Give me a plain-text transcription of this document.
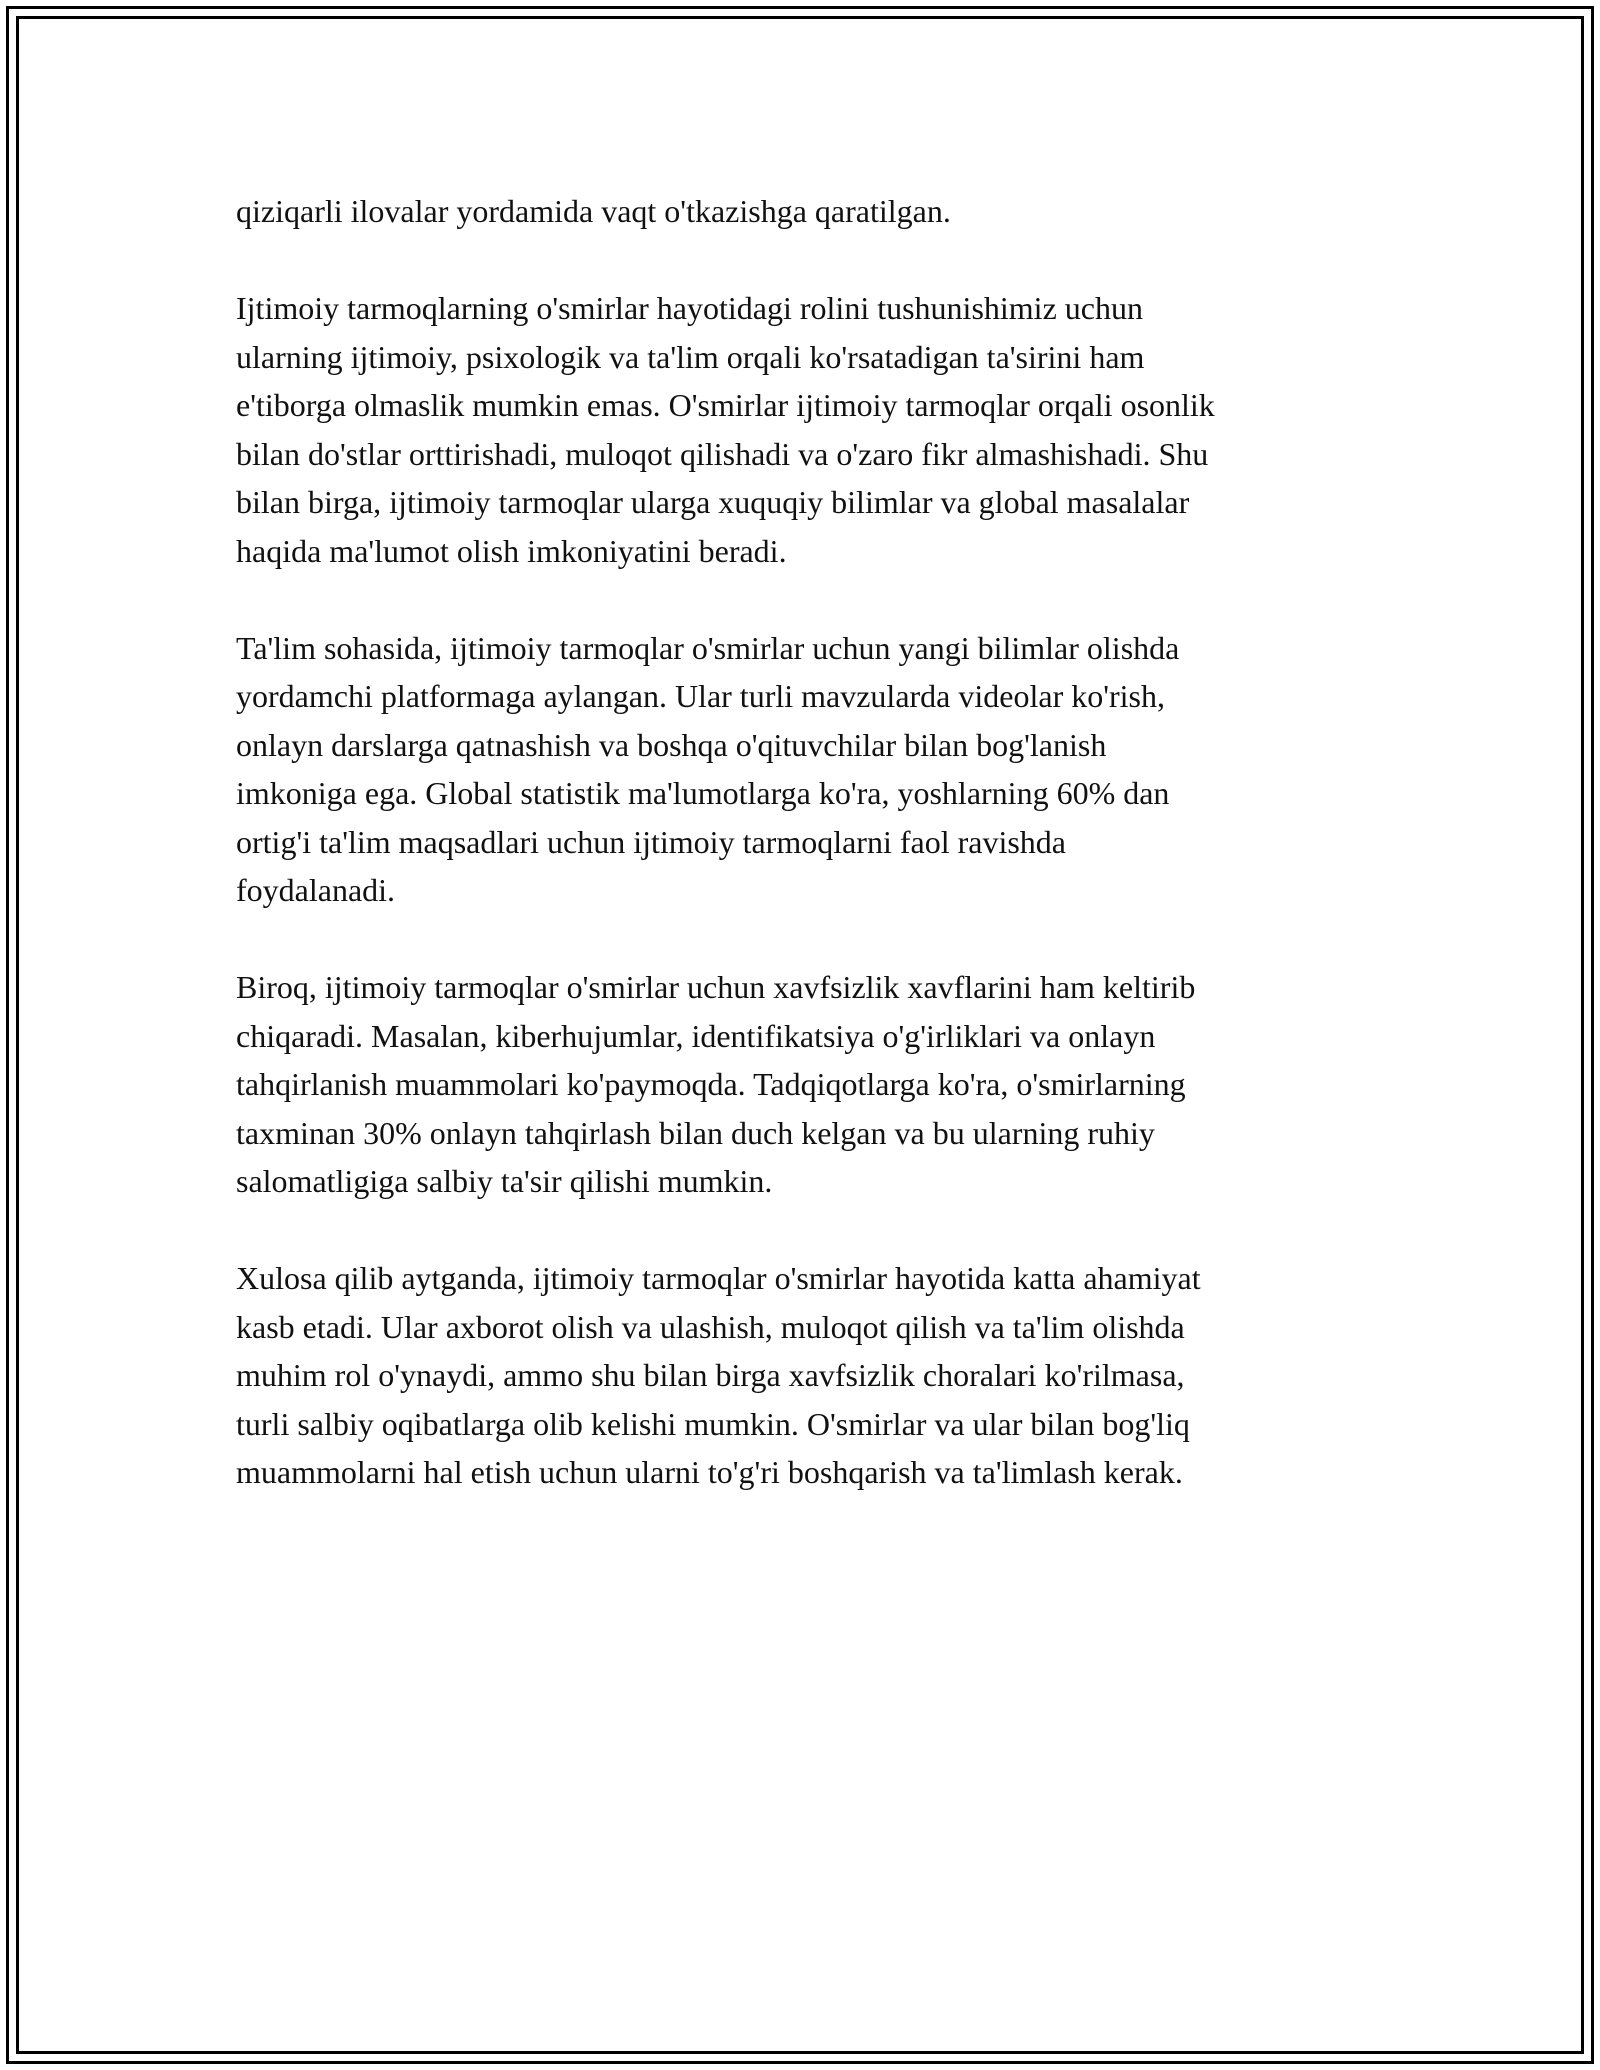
qiziqarli ilovalar yordamida vaqt o'tkazishga qaratilgan.

Ijtimoiy tarmoqlarning o'smirlar hayotidagi rolini tushunishimiz uchun
ularning ijtimoiy, psixologik va ta'lim orqali ko'rsatadigan ta'sirini ham
e'tiborga olmaslik mumkin emas. O'smirlar ijtimoiy tarmoqlar orqali osonlik
bilan do'stlar orttirishadi, muloqot qilishadi va o'zaro fikr almashishadi. Shu
bilan birga, ijtimoiy tarmoqlar ularga xuquqiy bilimlar va global masalalar
haqida ma'lumot olish imkoniyatini beradi.

Ta'lim sohasida, ijtimoiy tarmoqlar o'smirlar uchun yangi bilimlar olishda
yordamchi platformaga aylangan. Ular turli mavzularda videolar ko'rish,
onlayn darslarga qatnashish va boshqa o'qituvchilar bilan bog'lanish
imkoniga ega. Global statistik ma'lumotlarga ko'ra, yoshlarning 60% dan
ortig'i ta'lim maqsadlari uchun ijtimoiy tarmoqlarni faol ravishda
foydalanadi.

Biroq, ijtimoiy tarmoqlar o'smirlar uchun xavfsizlik xavflarini ham keltirib
chiqaradi. Masalan, kiberhujumlar, identifikatsiya o'g'irliklari va onlayn
tahqirlanish muammolari ko'paymoqda. Tadqiqotlarga ko'ra, o'smirlarning
taxminan 30% onlayn tahqirlash bilan duch kelgan va bu ularning ruhiy
salomatligiga salbiy ta'sir qilishi mumkin.

Xulosa qilib aytganda, ijtimoiy tarmoqlar o'smirlar hayotida katta ahamiyat
kasb etadi. Ular axborot olish va ulashish, muloqot qilish va ta'lim olishda
muhim rol o'ynaydi, ammo shu bilan birga xavfsizlik choralari ko'rilmasa,
turli salbiy oqibatlarga olib kelishi mumkin. O'smirlar va ular bilan bog'liq
muammolarni hal etish uchun ularni to'g'ri boshqarish va ta'limlash kerak.
